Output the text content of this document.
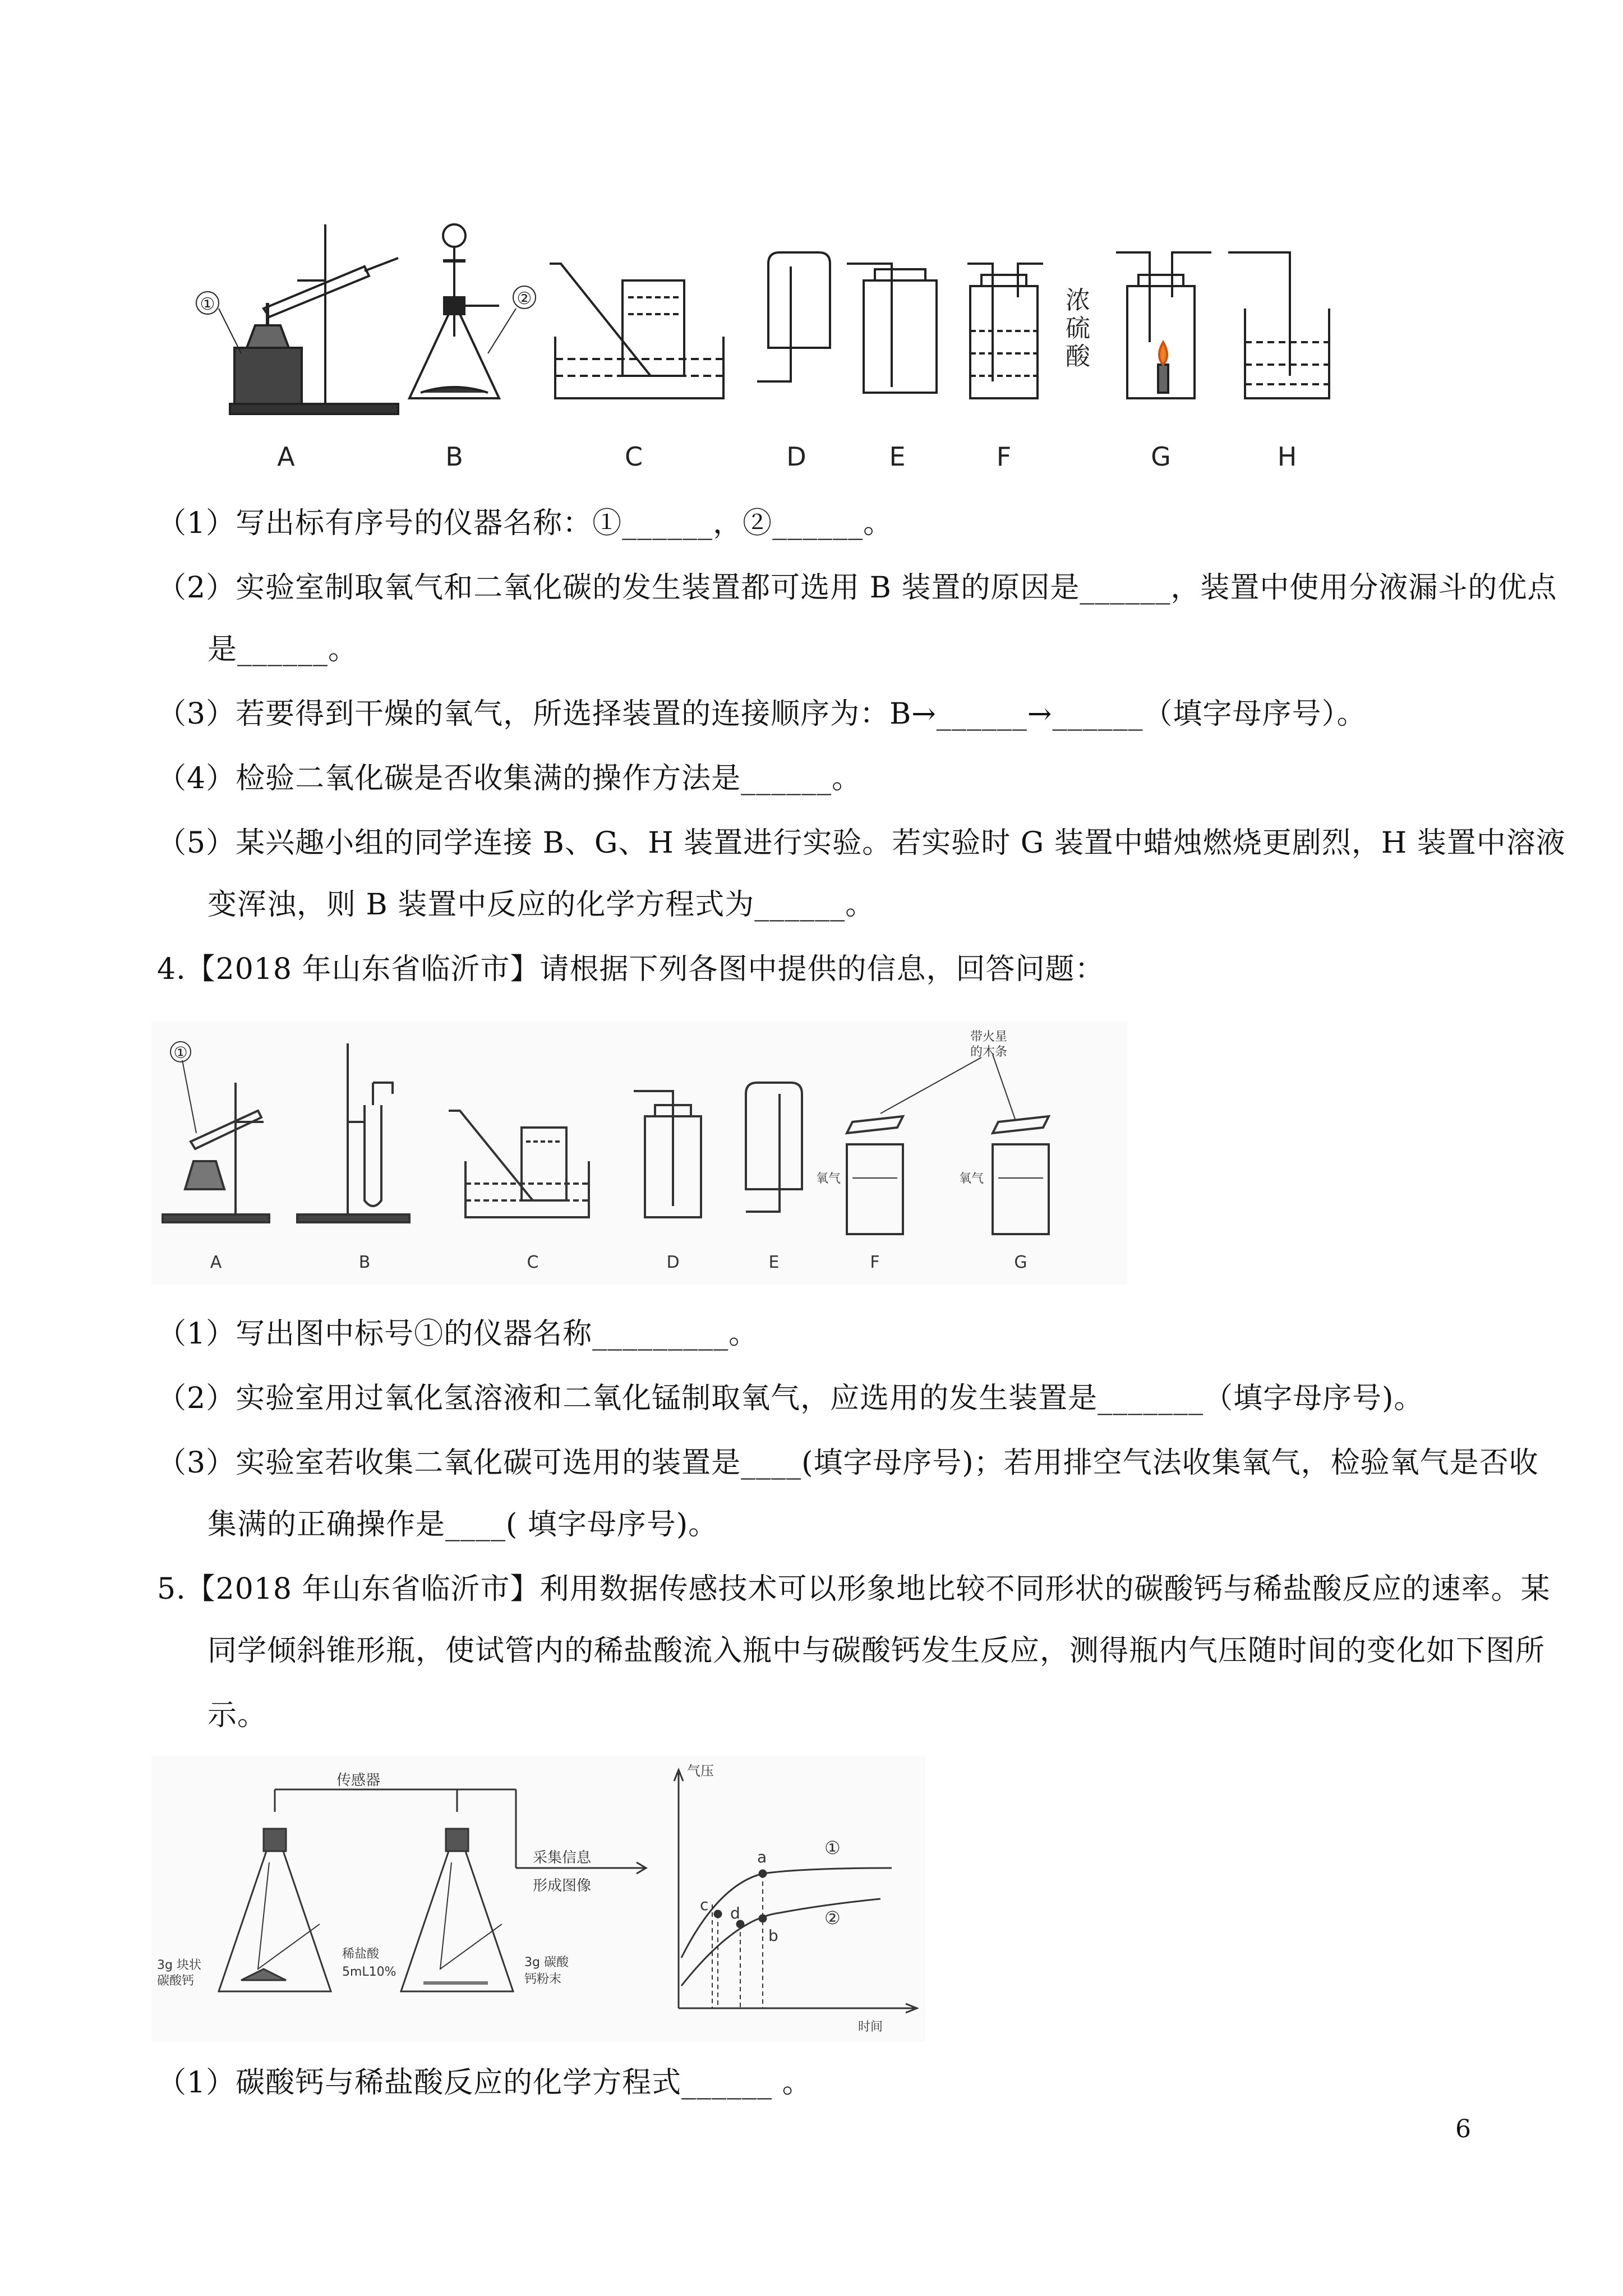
①	②	浓
硫
酸
A	B	C	D	E	F	G	H
（1）写出标有序号的仪器名称：①______，②______。
（2）实验室制取氧气和二氧化碳的发生装置都可选用 B 装置的原因是______，装置中使用分液漏斗的优点
是______。
（3）若要得到干燥的氧气，所选择装置的连接顺序为：B→______→______（填字母序号）。
（4）检验二氧化碳是否收集满的操作方法是______。
（5）某兴趣小组的同学连接 B、G、H 装置进行实验。若实验时 G 装置中蜡烛燃烧更剧烈，H 装置中溶液
变浑浊，则 B 装置中反应的化学方程式为______。
4.【2018 年山东省临沂市】请根据下列各图中提供的信息，回答问题：
①
氧气	氧气
带火星
的木条
A	B	C	D	E	F	G
（1）写出图中标号①的仪器名称_________。
（2）实验室用过氧化氢溶液和二氧化锰制取氧气，应选用的发生装置是_______（填字母序号)。
（3）实验室若收集二氧化碳可选用的装置是____(填字母序号)；若用排空气法收集氧气，检验氧气是否收
集满的正确操作是____( 填字母序号)。
5.【2018 年山东省临沂市】利用数据传感技术可以形象地比较不同形状的碳酸钙与稀盐酸反应的速率。某
同学倾斜锥形瓶，使试管内的稀盐酸流入瓶中与碳酸钙发生反应，测得瓶内气压随时间的变化如下图所
示。
传感器
采集信息
形成图像
3g 块状
碳酸钙
稀盐酸
5mL10%
3g 碳酸
钙粉末
气压
时间
a
b
c d
①
②
（1）碳酸钙与稀盐酸反应的化学方程式______ 。
6
